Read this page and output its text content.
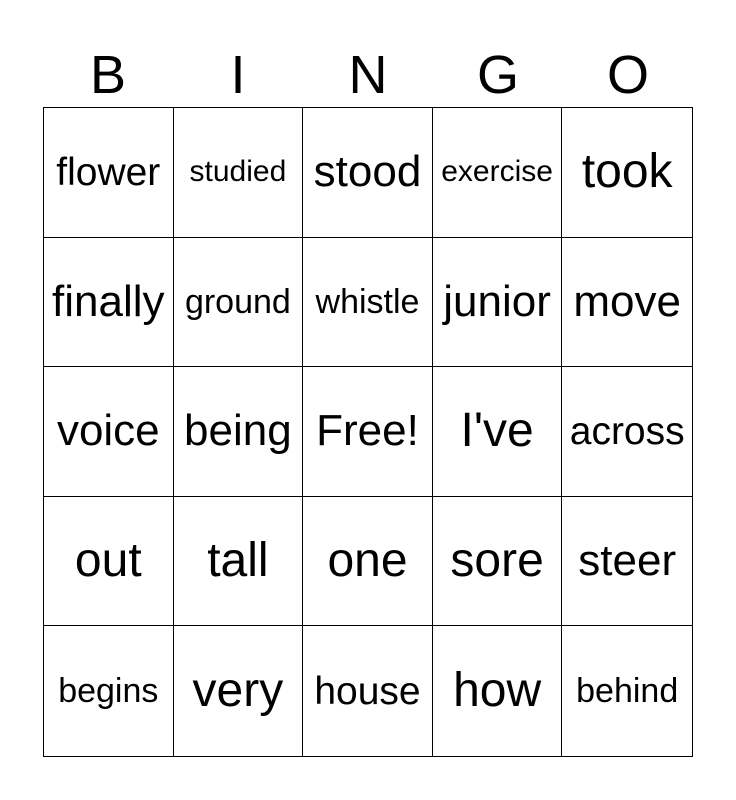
B	I	N	G	O
flower studied stood exercise took
finally ground whistle junior move
voice being Free! I've across
out tall one sore steer
begins very house how behind
